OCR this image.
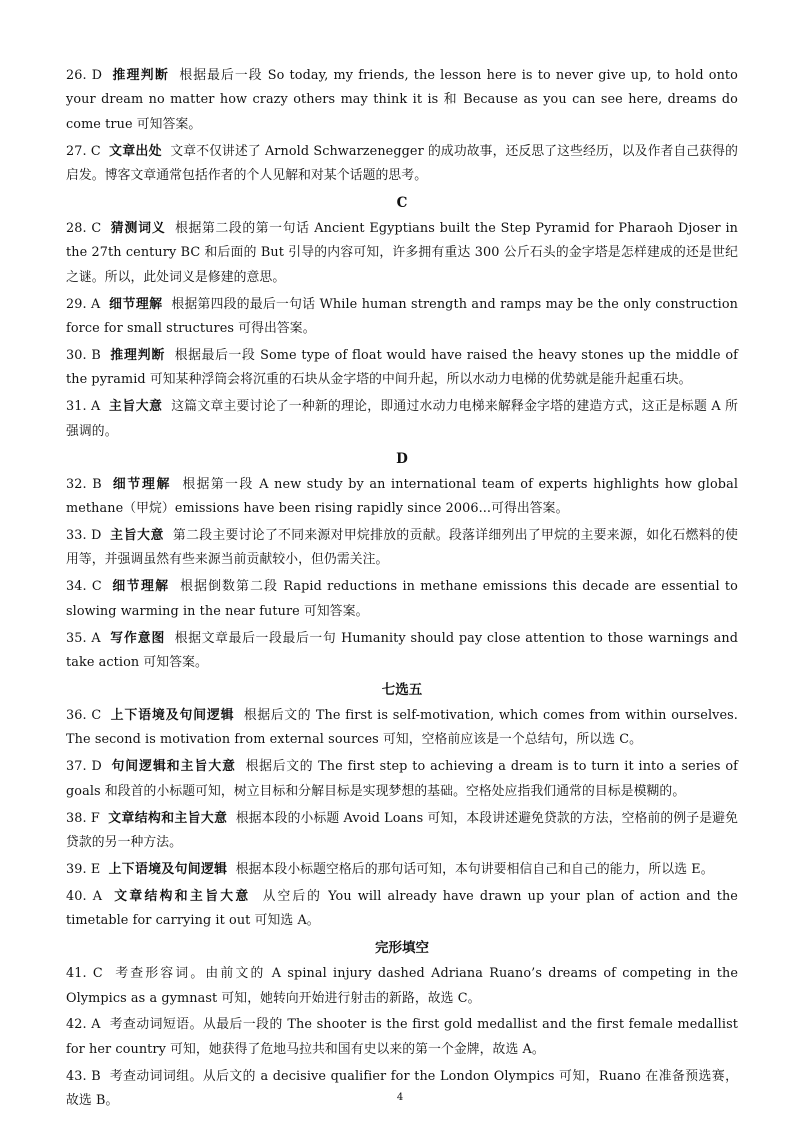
26. D 推理判断 根据最后一段 So today, my friends, the lesson here is to never give up, to hold onto your dream no matter how crazy others may think it is 和 Because as you can see here, dreams do come true 可知答案。

27. C 文章出处 文章不仅讲述了 Arnold Schwarzenegger 的成功故事，还反思了这些经历，以及作者自己获得的启发。博客文章通常包括作者的个人见解和对某个话题的思考。

C

28. C 猜测词义 根据第二段的第一句话 Ancient Egyptians built the Step Pyramid for Pharaoh Djoser in the 27th century BC 和后面的 But 引导的内容可知，许多拥有重达 300 公斤石头的金字塔是怎样建成的还是世纪之谜。所以，此处词义是修建的意思。

29. A 细节理解 根据第四段的最后一句话 While human strength and ramps may be the only construction force for small structures 可得出答案。

30. B 推理判断 根据最后一段 Some type of float would have raised the heavy stones up the middle of the pyramid 可知某种浮筒会将沉重的石块从金字塔的中间升起，所以水动力电梯的优势就是能升起重石块。

31. A 主旨大意 这篇文章主要讨论了一种新的理论，即通过水动力电梯来解释金字塔的建造方式，这正是标题 A 所强调的。

D

32. B 细节理解 根据第一段 A new study by an international team of experts highlights how global methane（甲烷）emissions have been rising rapidly since 2006...可得出答案。

33. D 主旨大意 第二段主要讨论了不同来源对甲烷排放的贡献。段落详细列出了甲烷的主要来源，如化石燃料的使用等，并强调虽然有些来源当前贡献较小，但仍需关注。

34. C 细节理解 根据倒数第二段 Rapid reductions in methane emissions this decade are essential to slowing warming in the near future 可知答案。

35. A 写作意图 根据文章最后一段最后一句 Humanity should pay close attention to those warnings and take action 可知答案。

七选五

36. C 上下语境及句间逻辑 根据后文的 The first is self-motivation, which comes from within ourselves. The second is motivation from external sources 可知，空格前应该是一个总结句，所以选 C。

37. D 句间逻辑和主旨大意 根据后文的 The first step to achieving a dream is to turn it into a series of goals 和段首的小标题可知，树立目标和分解目标是实现梦想的基础。空格处应指我们通常的目标是模糊的。

38. F 文章结构和主旨大意 根据本段的小标题 Avoid Loans 可知，本段讲述避免贷款的方法，空格前的例子是避免贷款的另一种方法。

39. E 上下语境及句间逻辑 根据本段小标题空格后的那句话可知，本句讲要相信自己和自己的能力，所以选 E。

40. A 文章结构和主旨大意 从空后的 You will already have drawn up your plan of action and the timetable for carrying it out 可知选 A。

完形填空

41. C 考查形容词。由前文的 A spinal injury dashed Adriana Ruano’s dreams of competing in the Olympics as a gymnast 可知，她转向开始进行射击的新路，故选 C。

42. A 考查动词短语。从最后一段的 The shooter is the first gold medallist and the first female medallist for her country 可知，她获得了危地马拉共和国有史以来的第一个金牌，故选 A。

43. B 考查动词词组。从后文的 a decisive qualifier for the London Olympics 可知，Ruano 在准备预选赛，故选 B。	4
